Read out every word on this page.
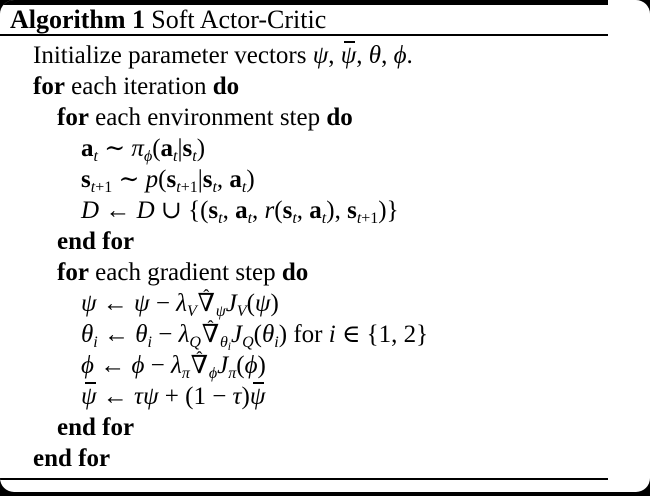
Algorithm 1 Soft Actor-Critic
Initialize parameter vectors ψ, ψ, θ, ϕ.
for each iteration do
for each environment step do
at ∼ πϕ(at|st)
st+1 ∼ p(st+1|st, at)
D ← D ∪ {(st, at, r(st, at), st+1)}
end for
for each gradient step do
ψ ← ψ − λV∇ ˆψJV(ψ)
θi ← θi − λQ∇ ˆθ$_i$JQ(θi) for i ∈ {1, 2}
ϕ ← ϕ − λπ∇ ˆϕJπ(ϕ)
ψ ← τψ + (1 − τ)ψ
end for
end for
